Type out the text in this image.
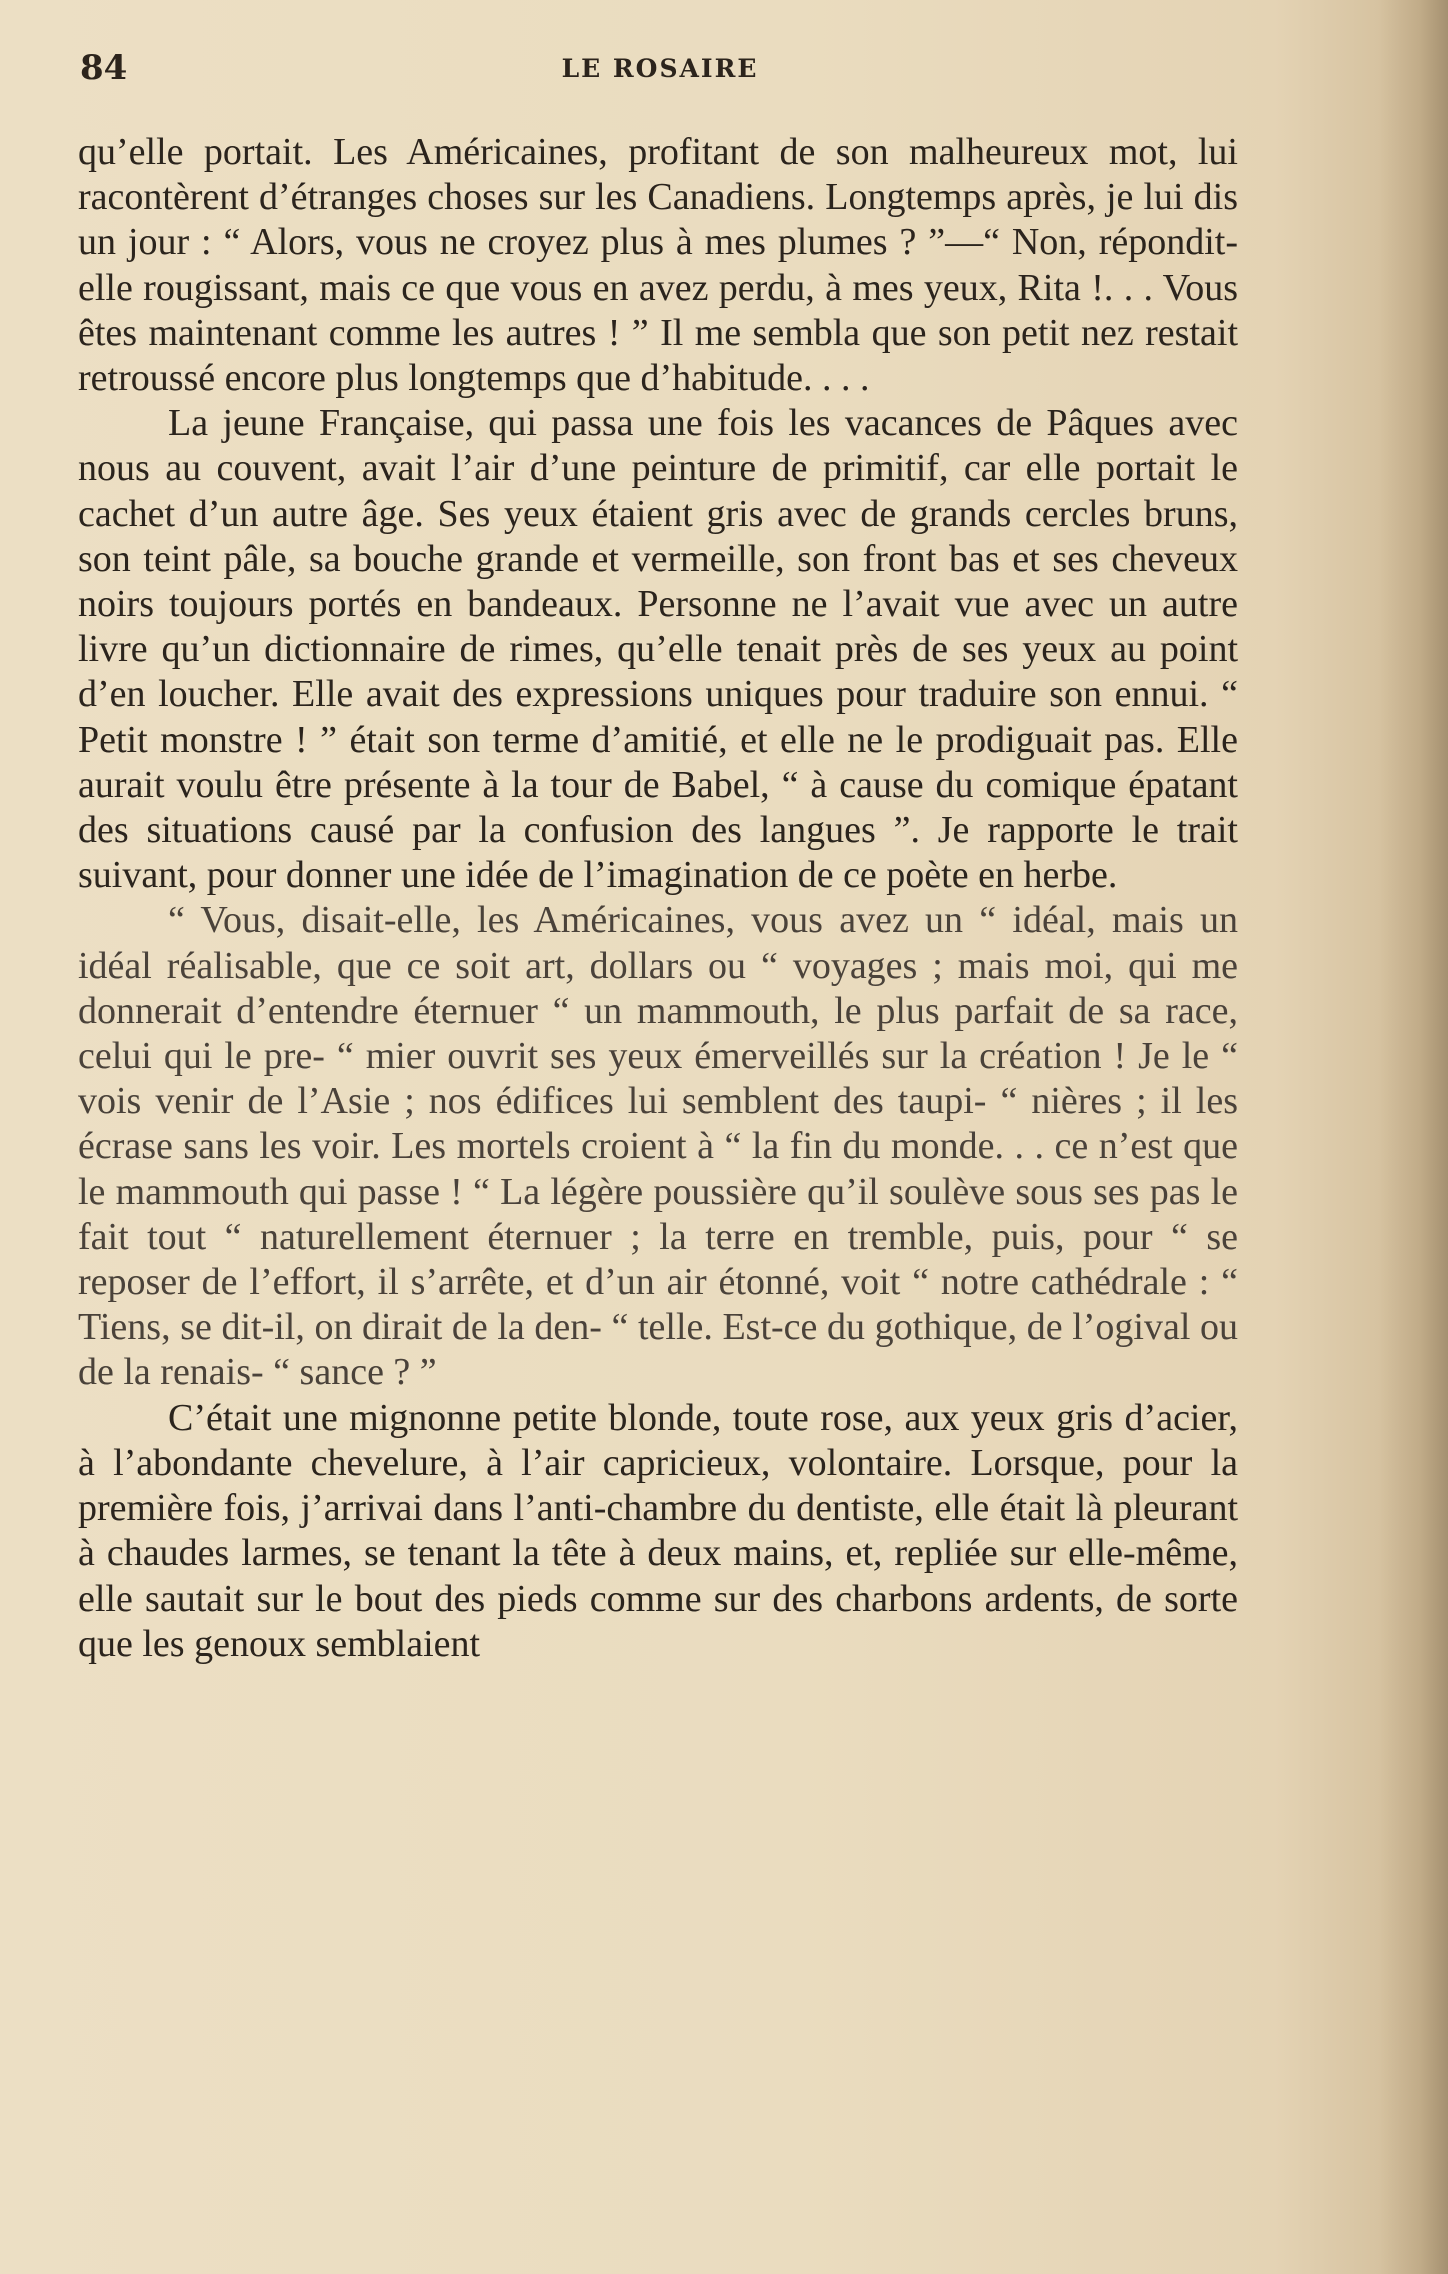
84	LE ROSAIRE

qu’elle portait. Les Américaines, profitant de son malheureux mot, lui racontèrent d’étranges choses sur les Canadiens. Longtemps après, je lui dis un jour : “ Alors, vous ne croyez plus à mes plumes ? ”—“ Non, répondit-elle rougissant, mais ce que vous en avez perdu, à mes yeux, Rita !. . . Vous êtes maintenant comme les autres ! ” Il me sembla que son petit nez restait retroussé encore plus longtemps que d’habitude. . . .

La jeune Française, qui passa une fois les vacances de Pâques avec nous au couvent, avait l’air d’une peinture de primitif, car elle portait le cachet d’un autre âge. Ses yeux étaient gris avec de grands cercles bruns, son teint pâle, sa bouche grande et vermeille, son front bas et ses cheveux noirs toujours portés en bandeaux. Personne ne l’avait vue avec un autre livre qu’un dictionnaire de rimes, qu’elle tenait près de ses yeux au point d’en loucher. Elle avait des expressions uniques pour traduire son ennui. “ Petit monstre ! ” était son terme d’amitié, et elle ne le prodiguait pas. Elle aurait voulu être présente à la tour de Babel, “ à cause du comique épatant des situations causé par la confusion des langues ”. Je rapporte le trait suivant, pour donner une idée de l’imagination de ce poète en herbe.

“ Vous, disait-elle, les Américaines, vous avez un “ idéal, mais un idéal réalisable, que ce soit art, dollars ou “ voyages ; mais moi, qui me donnerait d’entendre éternuer “ un mammouth, le plus parfait de sa race, celui qui le pre- “ mier ouvrit ses yeux émerveillés sur la création ! Je le “ vois venir de l’Asie ; nos édifices lui semblent des taupi- “ nières ; il les écrase sans les voir. Les mortels croient à “ la fin du monde. . . ce n’est que le mammouth qui passe ! “ La légère poussière qu’il soulève sous ses pas le fait tout “ naturellement éternuer ; la terre en tremble, puis, pour “ se reposer de l’effort, il s’arrête, et d’un air étonné, voit “ notre cathédrale : “ Tiens, se dit-il, on dirait de la den- “ telle. Est-ce du gothique, de l’ogival ou de la renais- “ sance ? ”

C’était une mignonne petite blonde, toute rose, aux yeux gris d’acier, à l’abondante chevelure, à l’air capricieux, volontaire. Lorsque, pour la première fois, j’arrivai dans l’anti-chambre du dentiste, elle était là pleurant à chaudes larmes, se tenant la tête à deux mains, et, repliée sur elle-même, elle sautait sur le bout des pieds comme sur des charbons ardents, de sorte que les genoux semblaient
